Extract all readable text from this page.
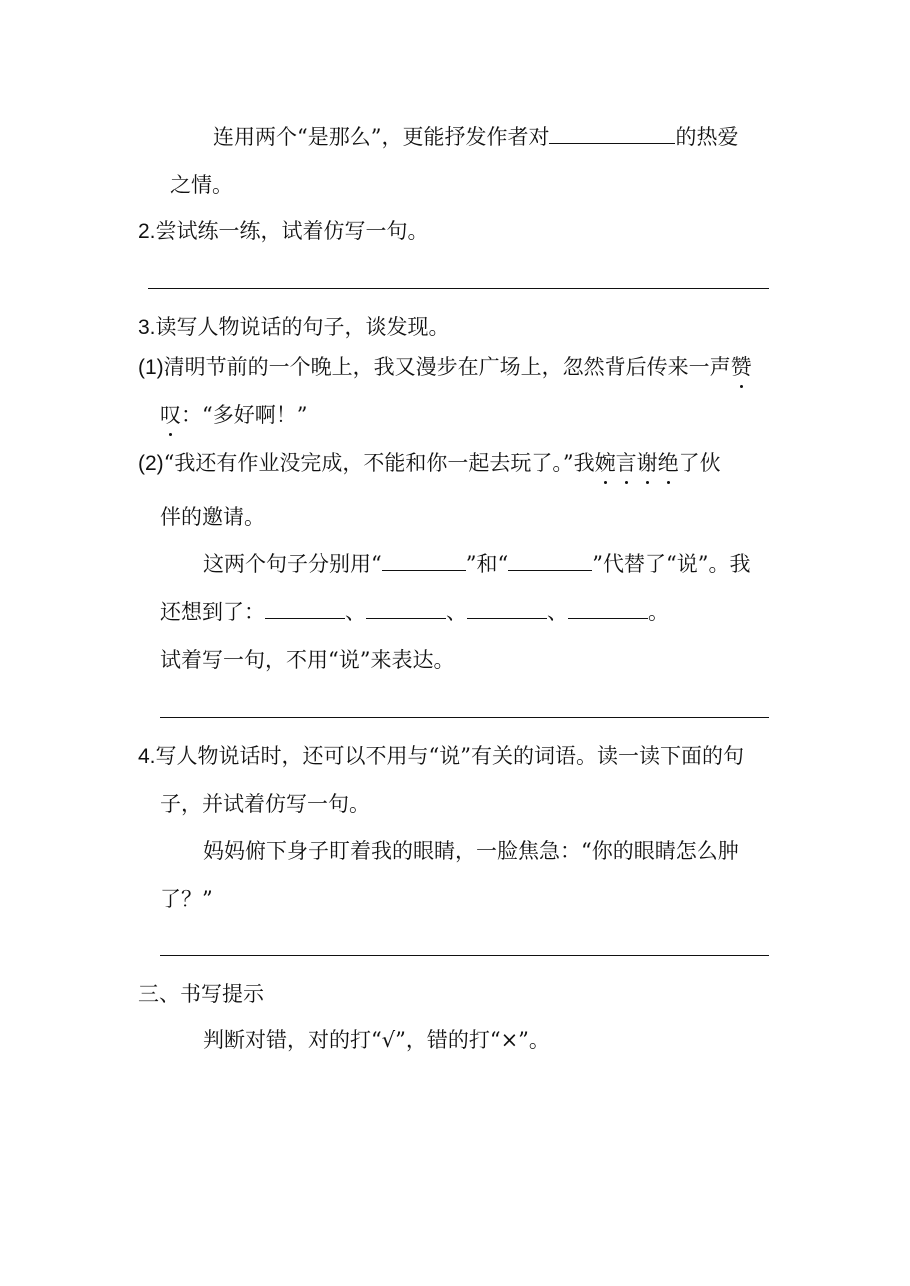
连用两个“是那么”，更能抒发作者对	的热爱
之情。
2.尝试练一练，试着仿写一句。
3.读写人物说话的句子，谈发现。
(1)清明节前的一个晚上，我又漫步在广场上，忽然背后传来一声赞
叹：“多好啊！”
(2)“我还有作业没完成，不能和你一起去玩了。”我婉言谢绝了伙
伴的邀请。
这两个句子分别用“	”和“	”代替了“说”。我
还想到了：	、	、	、	。
试着写一句，不用“说”来表达。
4.写人物说话时，还可以不用与“说”有关的词语。读一读下面的句
子，并试着仿写一句。
妈妈俯下身子盯着我的眼睛，一脸焦急：“你的眼睛怎么肿
了？”
三、书写提示
判断对错，对的打“√”，错的打“×”。
